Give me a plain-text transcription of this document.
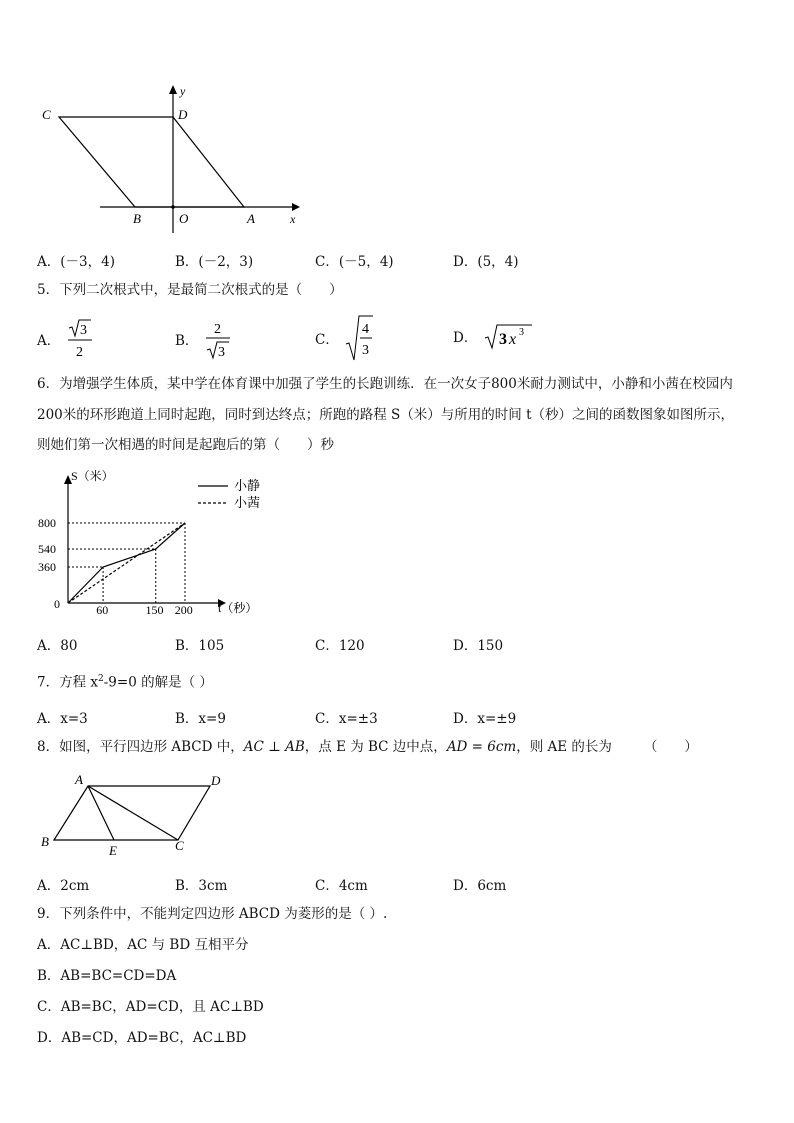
C	D
y
B	O	A	x
A．(－3，4)	B．(－2，3)	C．(－5，4)	D．(5，4)
5．下列二次根式中，是最简二次根式的是（　　）
A．
3
2
B．
2
3
C．
4
3
D． 3 x 3
6．为增强学生体质，某中学在体育课中加强了学生的长跑训练．在一次女子800米耐力测试中，小静和小茜在校园内
200米的环形跑道上同时起跑，同时到达终点；所跑的路程 S（米）与所用的时间 t（秒）之间的函数图象如图所示，
则她们第一次相遇的时间是起跑后的第（　　）秒
S（米）
t（秒）
0
360
540
800
60	150 200
小静
小茜
A．80	B．105	C．120	D．150
7．方程 $x^2-9=0$ 的解是（ ）
A．x=3	B．x=9	C．x=±3	D．x=±9
8．如图，平行四边形 ABCD 中，AC ⊥ AB，点 E 为 BC 边中点，AD = 6cm，则 AE 的长为 （　　）
A	D
B
E	C
A．2cm	B．3cm	C．4cm	D．6cm
9．下列条件中，不能判定四边形 ABCD 为菱形的是（ ）.
A．AC⊥BD，AC 与 BD 互相平分
B．AB=BC=CD=DA
C．AB=BC，AD=CD，且 AC⊥BD
D．AB=CD，AD=BC，AC⊥BD
